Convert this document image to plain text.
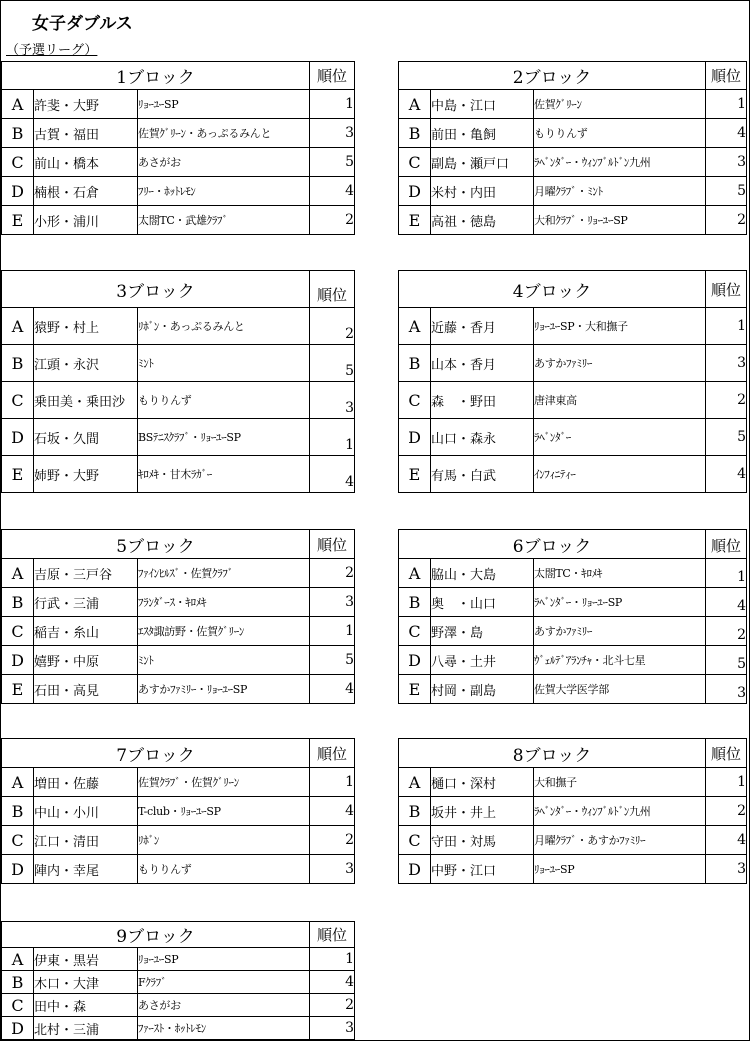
女子ダブルス
（予選リーグ）
1ブロック			順位
A	許斐・大野	ﾘｮｰﾕｰSP	1
B	古賀・福田	佐賀ｸﾞﾘｰﾝ・あっぷるみんと	3
C	前山・橋本	あさがお	5
D	楠根・石倉	ﾌﾘｰ・ﾎｯﾄﾚﾓﾝ	4
E	小形・浦川	太閤TC・武雄ｸﾗﾌﾞ	2
2ブロック			順位
A	中島・江口	佐賀ｸﾞﾘｰﾝ	1
B	前田・亀飼	もりりんず	4
C	副島・瀬戸口	ﾗﾍﾞﾝﾀﾞｰ・ｳｨﾝﾌﾞﾙﾄﾞﾝ九州	3
D	米村・内田	月曜ｸﾗﾌﾞ・ﾐﾝﾄ	5
E	高祖・徳島	大和ｸﾗﾌﾞ・ﾘｮｰﾕｰSP	2
3ブロック			順位
A	猿野・村上	ﾘﾎﾞﾝ・あっぷるみんと	2
B	江頭・永沢	ﾐﾝﾄ	5
C	乗田美・乗田沙	もりりんず	3
D	石坂・久間	BSﾃﾆｽｸﾗﾌﾞ・ﾘｮｰﾕｰSP	1
E	姉野・大野	ｷﾛﾒｷ・甘木ﾗｶﾞｰ	4
4ブロック			順位
A	近藤・香月	ﾘｮｰﾕｰSP・大和撫子	1
B	山本・香月	あすかﾌｧﾐﾘｰ	3
C	森　・野田	唐津東高	2
D	山口・森永	ﾗﾍﾞﾝﾀﾞｰ	5
E	有馬・白武	ｲﾝﾌｨﾆﾃｨｰ	4
5ブロック			順位
A	吉原・三戸谷	ﾌｧｲﾝﾋﾙｽﾞ・佐賀ｸﾗﾌﾞ	2
B	行武・三浦	ﾌﾗﾝﾀﾞｰｽ・ｷﾛﾒｷ	3
C	稲吉・糸山	ｴｽﾀ諏訪野・佐賀ｸﾞﾘｰﾝ	1
D	嬉野・中原	ﾐﾝﾄ	5
E	石田・高見	あすかﾌｧﾐﾘｰ・ﾘｮｰﾕｰSP	4
6ブロック			順位
A	脇山・大島	太閤TC・ｷﾛﾒｷ	1
B	奥　・山口	ﾗﾍﾞﾝﾀﾞｰ・ﾘｮｰﾕｰSP	4
C	野澤・島	あすかﾌｧﾐﾘｰ	2
D	八尋・土井	ｳﾞｪﾙﾃﾞｱﾗﾝﾁｬ・北斗七星	5
E	村岡・副島	佐賀大学医学部	3
7ブロック			順位
A	増田・佐藤	佐賀ｸﾗﾌﾞ・佐賀ｸﾞﾘｰﾝ	1
B	中山・小川	T-club・ﾘｮｰﾕｰSP	4
C	江口・清田	ﾘﾎﾞﾝ	2
D	陣内・幸尾	もりりんず	3
8ブロック			順位
A	樋口・深村	大和撫子	1
B	坂井・井上	ﾗﾍﾞﾝﾀﾞｰ・ｳｨﾝﾌﾞﾙﾄﾞﾝ九州	2
C	守田・対馬	月曜ｸﾗﾌﾞ・あすかﾌｧﾐﾘｰ	4
D	中野・江口	ﾘｮｰﾕｰSP	3
9ブロック			順位
A	伊東・黒岩	ﾘｮｰﾕｰSP	1
B	木口・大津	Fｸﾗﾌﾞ	4
C	田中・森	あさがお	2
D	北村・三浦	ﾌｧｰｽﾄ・ﾎｯﾄﾚﾓﾝ	3
